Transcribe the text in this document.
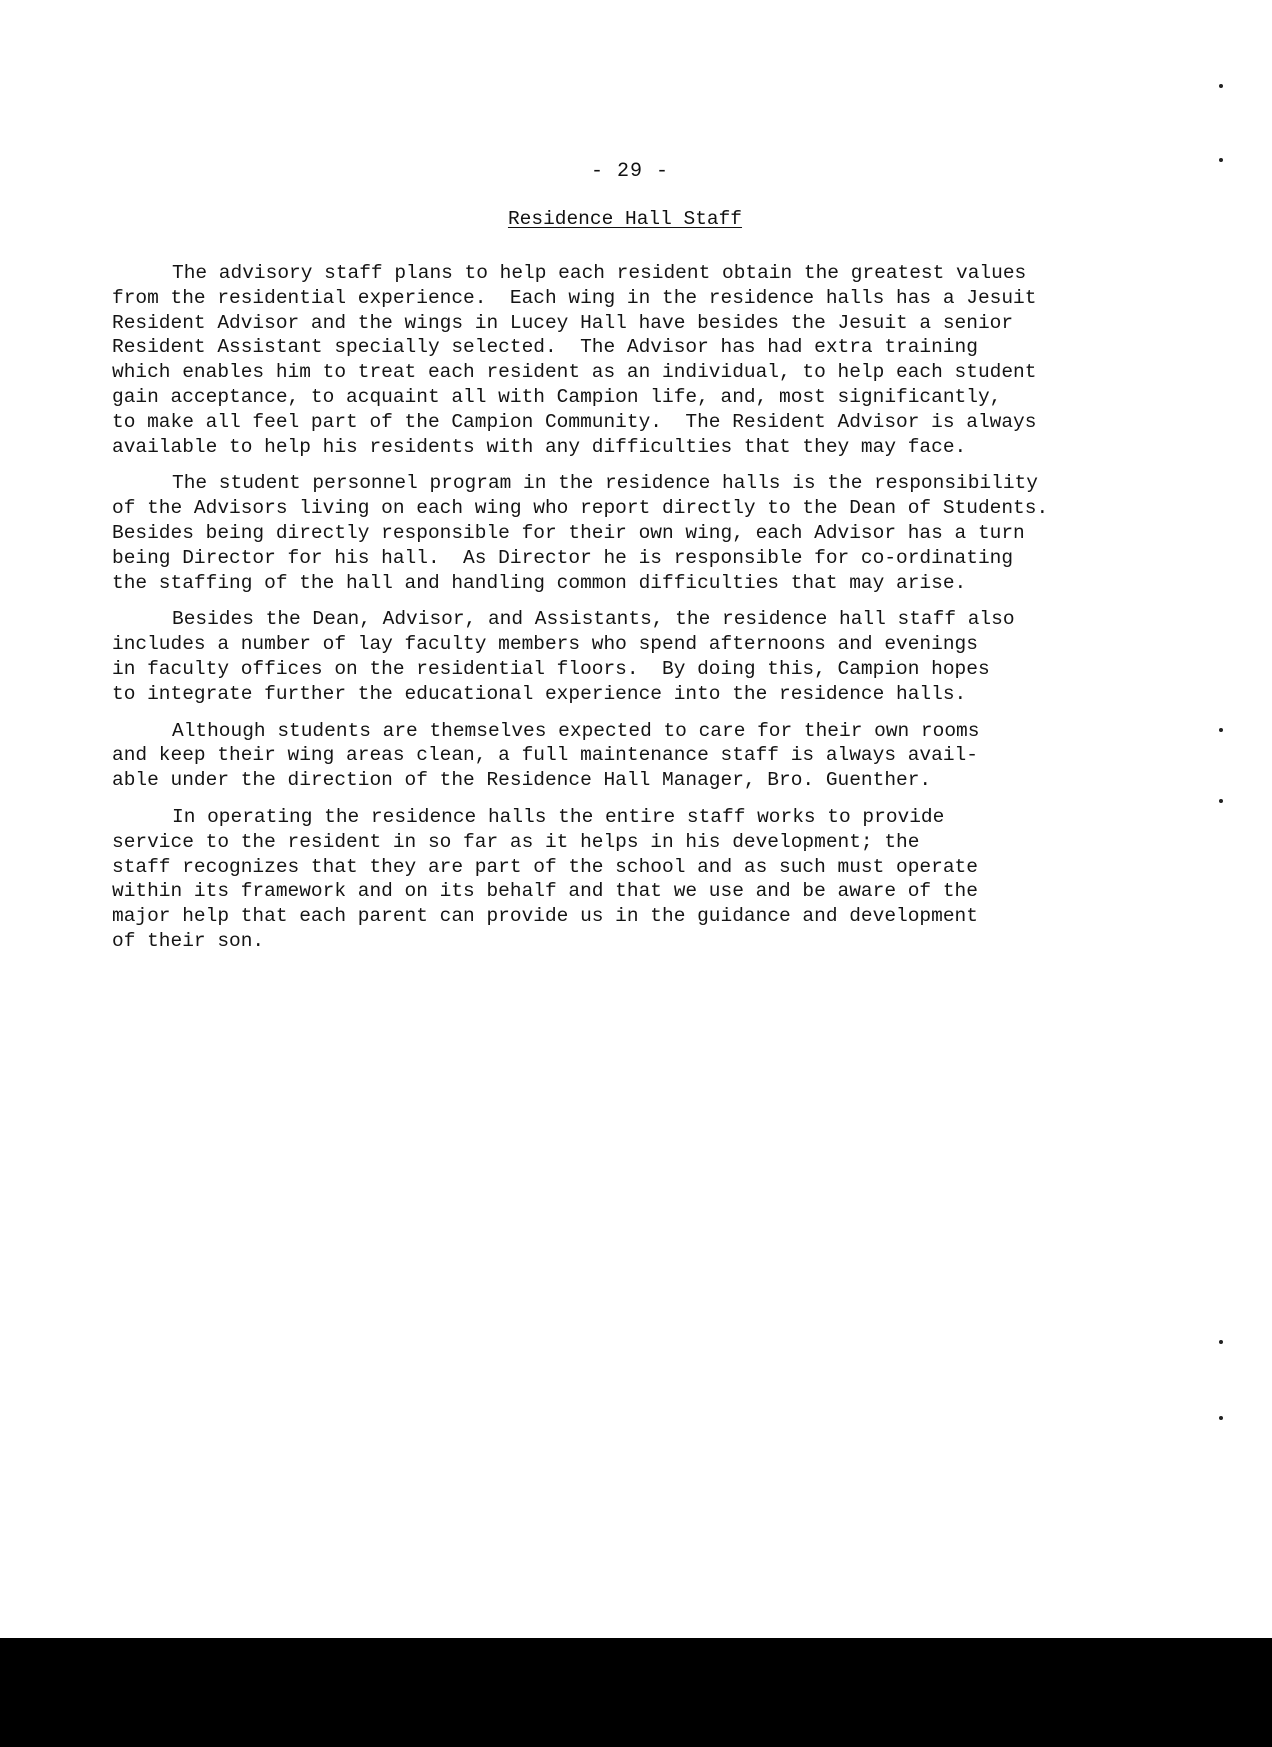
- 29 -
Residence Hall Staff
The advisory staff plans to help each resident obtain the greatest values
from the residential experience.  Each wing in the residence halls has a Jesuit
Resident Advisor and the wings in Lucey Hall have besides the Jesuit a senior
Resident Assistant specially selected.  The Advisor has had extra training
which enables him to treat each resident as an individual, to help each student
gain acceptance, to acquaint all with Campion life, and, most significantly,
to make all feel part of the Campion Community.  The Resident Advisor is always
available to help his residents with any difficulties that they may face.
The student personnel program in the residence halls is the responsibility
of the Advisors living on each wing who report directly to the Dean of Students.
Besides being directly responsible for their own wing, each Advisor has a turn
being Director for his hall.  As Director he is responsible for co-ordinating
the staffing of the hall and handling common difficulties that may arise.
Besides the Dean, Advisor, and Assistants, the residence hall staff also
includes a number of lay faculty members who spend afternoons and evenings
in faculty offices on the residential floors.  By doing this, Campion hopes
to integrate further the educational experience into the residence halls.
Although students are themselves expected to care for their own rooms
and keep their wing areas clean, a full maintenance staff is always avail-
able under the direction of the Residence Hall Manager, Bro. Guenther.
In operating the residence halls the entire staff works to provide
service to the resident in so far as it helps in his development; the
staff recognizes that they are part of the school and as such must operate
within its framework and on its behalf and that we use and be aware of the
major help that each parent can provide us in the guidance and development
of their son.
